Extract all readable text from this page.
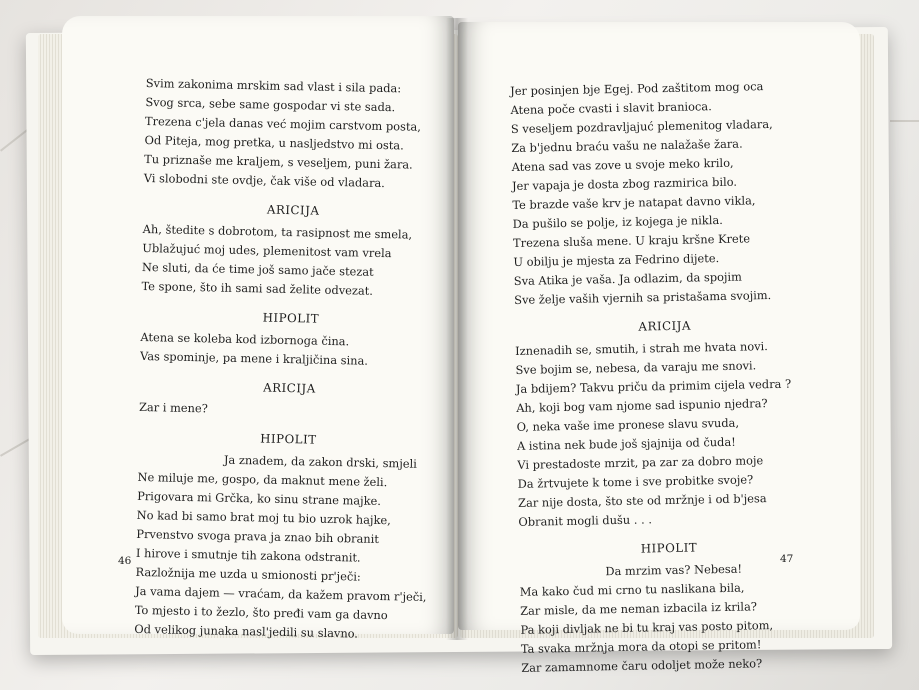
Svim zakonima mrskim sad vlast i sila pada:
Svog srca, sebe same gospodar vi ste sada.
Trezena c'jela danas već mojim carstvom posta,
Od Piteja, mog pretka, u nasljedstvo mi osta.
Tu priznaše me kraljem, s veseljem, puni žara.
Vi slobodni ste ovdje, čak više od vladara.
ARICIJA
Ah, štedite s dobrotom, ta rasipnost me smela,
Ublažujuć moj udes, plemenitost vam vrela
Ne sluti, da će time još samo jače stezat
Te spone, što ih sami sad želite odvezat.
HIPOLIT
Atena se koleba kod izbornoga čina.
Vas spominje, pa mene i kraljičina sina.
ARICIJA
Zar i mene?
HIPOLIT
Ja znadem, da zakon drski, smjeli
Ne miluje me, gospo, da maknut mene želi.
Prigovara mi Grčka, ko sinu strane majke.
No kad bi samo brat moj tu bio uzrok hajke,
Prvenstvo svoga prava ja znao bih obranit
I hirove i smutnje tih zakona odstranit.
Razložnija me uzda u smionosti pr'ječi:
Ja vama dajem — vraćam, da kažem pravom r'ječi,
To mjesto i to žezlo, što pređi vam ga davno
Od velikog junaka nasl'jedili su slavno.
46
Jer posinjen bje Egej. Pod zaštitom mog oca
Atena poče cvasti i slavit branioca.
S veseljem pozdravljajuć plemenitog vladara,
Za b'jednu braću vašu ne nalažaše žara.
Atena sad vas zove u svoje meko krilo,
Jer vapaja je dosta zbog razmirica bilo.
Te brazde vaše krv je natapat davno vikla,
Da pušilo se polje, iz kojega je nikla.
Trezena sluša mene. U kraju kršne Krete
U obilju je mjesta za Fedrino dijete.
Sva Atika je vaša. Ja odlazim, da spojim
Sve želje vaših vjernih sa pristašama svojim.
ARICIJA
Iznenadih se, smutih, i strah me hvata novi.
Sve bojim se, nebesa, da varaju me snovi.
Ja bdijem? Takvu priču da primim cijela vedra ?
Ah, koji bog vam njome sad ispunio njedra?
O, neka vaše ime pronese slavu svuda,
A istina nek bude još sjajnija od čuda!
Vi prestadoste mrzit, pa zar za dobro moje
Da žrtvujete k tome i sve probitke svoje?
Zar nije dosta, što ste od mržnje i od b'jesa
Obranit mogli dušu . . .
HIPOLIT
Da mrzim vas? Nebesa!
Ma kako čud mi crno tu naslikana bila,
Zar misle, da me neman izbacila iz krila?
Pa koji divljak ne bi tu kraj vas posto pitom,
Ta svaka mržnja mora da otopi se pritom!
Zar zamamnome čaru odoljet može neko?
47
